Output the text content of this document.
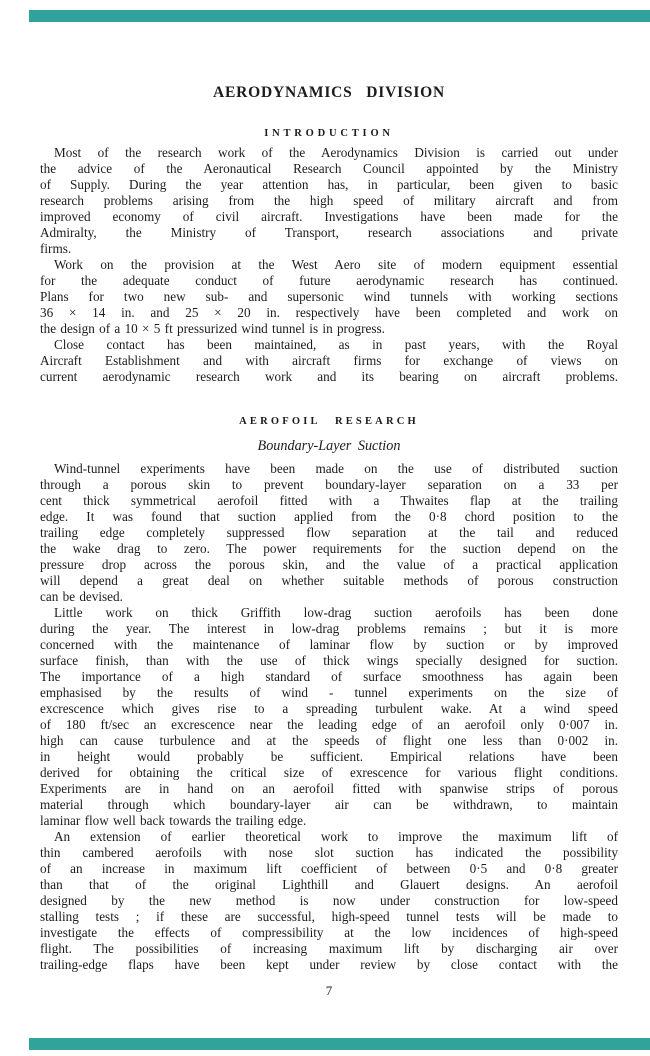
AERODYNAMICS DIVISION
INTRODUCTION
Most of the research work of the Aerodynamics Division is carried out under
the advice of the Aeronautical Research Council appointed by the Ministry
of Supply. During the year attention has, in particular, been given to basic
research problems arising from the high speed of military aircraft and from
improved economy of civil aircraft. Investigations have been made for the
Admiralty, the Ministry of Transport, research associations and private
firms.
Work on the provision at the West Aero site of modern equipment essential
for the adequate conduct of future aerodynamic research has continued.
Plans for two new sub- and supersonic wind tunnels with working sections
36 × 14 in. and 25 × 20 in. respectively have been completed and work on
the design of a 10 × 5 ft pressurized wind tunnel is in progress.
Close contact has been maintained, as in past years, with the Royal
Aircraft Establishment and with aircraft firms for exchange of views on
current aerodynamic research work and its bearing on aircraft problems.
AEROFOIL RESEARCH
Boundary-Layer Suction
Wind-tunnel experiments have been made on the use of distributed suction
through a porous skin to prevent boundary-layer separation on a 33 per
cent thick symmetrical aerofoil fitted with a Thwaites flap at the trailing
edge. It was found that suction applied from the 0·8 chord position to the
trailing edge completely suppressed flow separation at the tail and reduced
the wake drag to zero. The power requirements for the suction depend on the
pressure drop across the porous skin, and the value of a practical application
will depend a great deal on whether suitable methods of porous construction
can be devised.
Little work on thick Griffith low-drag suction aerofoils has been done
during the year. The interest in low-drag problems remains ; but it is more
concerned with the maintenance of laminar flow by suction or by improved
surface finish, than with the use of thick wings specially designed for suction.
The importance of a high standard of surface smoothness has again been
emphasised by the results of wind - tunnel experiments on the size of
excrescence which gives rise to a spreading turbulent wake. At a wind speed
of 180 ft/sec an excrescence near the leading edge of an aerofoil only 0·007 in.
high can cause turbulence and at the speeds of flight one less than 0·002 in.
in height would probably be sufficient. Empirical relations have been
derived for obtaining the critical size of exrescence for various flight conditions.
Experiments are in hand on an aerofoil fitted with spanwise strips of porous
material through which boundary-layer air can be withdrawn, to maintain
laminar flow well back towards the trailing edge.
An extension of earlier theoretical work to improve the maximum lift of
thin cambered aerofoils with nose slot suction has indicated the possibility
of an increase in maximum lift coefficient of between 0·5 and 0·8 greater
than that of the original Lighthill and Glauert designs. An aerofoil
designed by the new method is now under construction for low-speed
stalling tests ; if these are successful, high-speed tunnel tests will be made to
investigate the effects of compressibility at the low incidences of high-speed
flight. The possibilities of increasing maximum lift by discharging air over
trailing-edge flaps have been kept under review by close contact with the
7
